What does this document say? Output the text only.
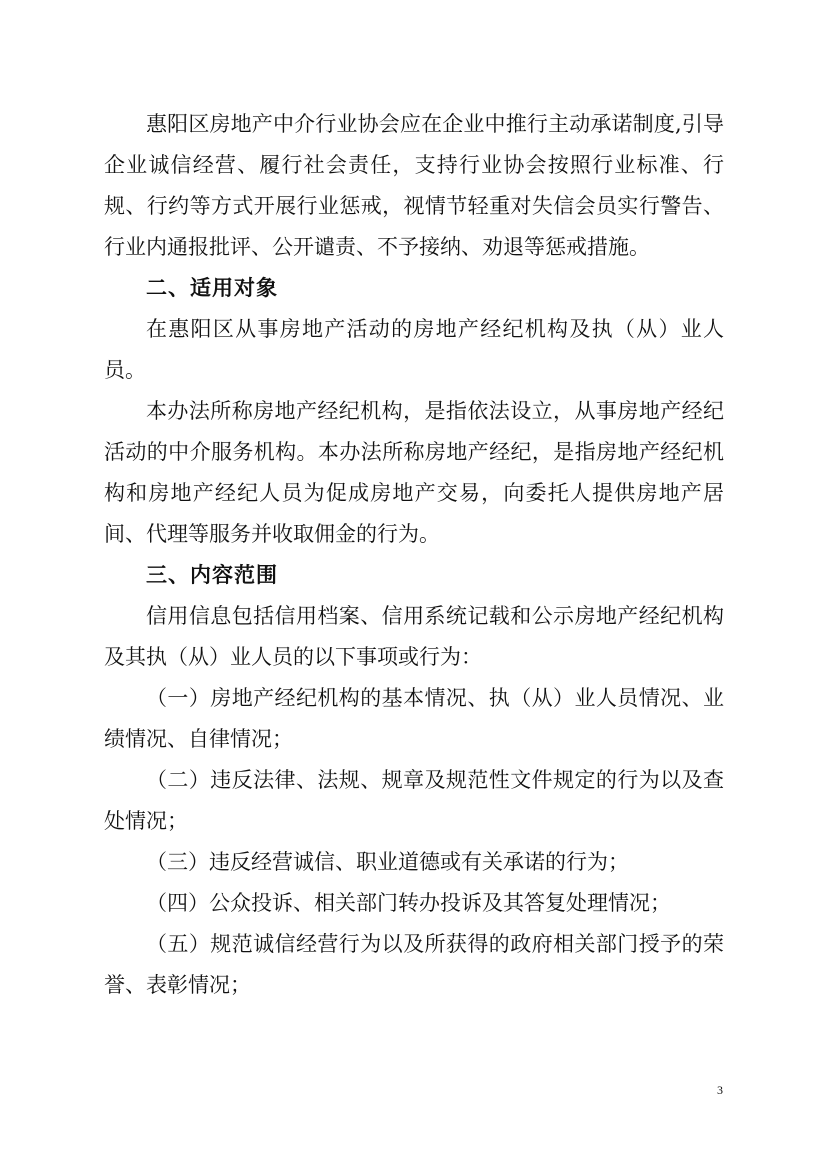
惠阳区房地产中介行业协会应在企业中推行主动承诺制度,引导企业诚信经营、履行社会责任，支持行业协会按照行业标准、行规、行约等方式开展行业惩戒，视情节轻重对失信会员实行警告、行业内通报批评、公开谴责、不予接纳、劝退等惩戒措施。

二、适用对象

在惠阳区从事房地产活动的房地产经纪机构及执（从）业人员。

本办法所称房地产经纪机构，是指依法设立，从事房地产经纪活动的中介服务机构。本办法所称房地产经纪，是指房地产经纪机构和房地产经纪人员为促成房地产交易，向委托人提供房地产居间、代理等服务并收取佣金的行为。

三、内容范围

信用信息包括信用档案、信用系统记载和公示房地产经纪机构及其执（从）业人员的以下事项或行为：

（一）房地产经纪机构的基本情况、执（从）业人员情况、业绩情况、自律情况；

（二）违反法律、法规、规章及规范性文件规定的行为以及查处情况；

（三）违反经营诚信、职业道德或有关承诺的行为；

（四）公众投诉、相关部门转办投诉及其答复处理情况；

（五）规范诚信经营行为以及所获得的政府相关部门授予的荣誉、表彰情况；

3
